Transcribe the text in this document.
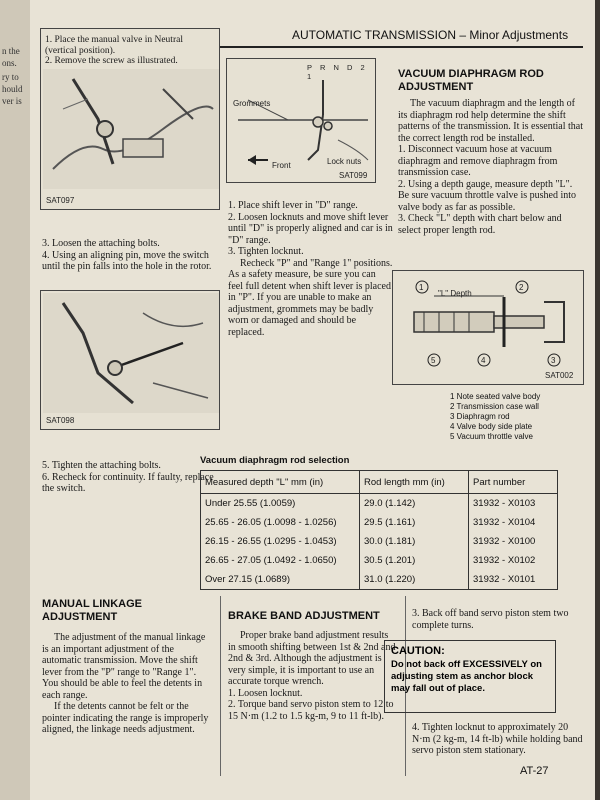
n the
ons.
ry to
hould
ver is
AUTOMATIC TRANSMISSION – Minor Adjustments

1. Place the manual valve in Neutral (vertical position).

2. Remove the screw as illustrated.

SAT097

3. Loosen the attaching bolts.

4. Using an aligning pin, move the switch until the pin falls into the hole in the rotor.

SAT098

5. Tighten the attaching bolts.

6. Recheck for continuity. If faulty, replace the switch.

MANUAL LINKAGE ADJUSTMENT

The adjustment of the manual linkage is an important adjustment of the automatic transmission. Move the shift lever from the "P" range to "Range 1". You should be able to feel the detents in each range.

If the detents cannot be felt or the pointer indicating the range is improperly aligned, the linkage needs adjustment.

P R N D 2 1
Grommets
Front	Lock nuts
SAT099

1. Place shift lever in "D" range.

2. Loosen locknuts and move shift lever until "D" is properly aligned and car is in "D" range.

3. Tighten locknut.

Recheck "P" and "Range 1" positions. As a safety measure, be sure you can feel full detent when shift lever is placed in "P". If you are unable to make an adjustment, grommets may be badly worn or damaged and should be replaced.

VACUUM DIAPHRAGM ROD ADJUSTMENT

The vacuum diaphragm and the length of its diaphragm rod help determine the shift patterns of the transmission. It is essential that the correct length rod be installed.

1. Disconnect vacuum hose at vacuum diaphragm and remove diaphragm from transmission case.

2. Using a depth gauge, measure depth "L". Be sure vacuum throttle valve is pushed into valve body as far as possible.

3. Check "L" depth with chart below and select proper length rod.

1	2
5	4	3
"L" Depth
SAT002
1 Note seated valve body
2 Transmission case wall
3 Diaphragm rod
4 Valve body side plate
5 Vacuum throttle valve
Vacuum diaphragm rod selection
Measured depth "L" mm (in)	Rod length mm (in)	Part number
Under 25.55 (1.0059)	29.0 (1.142)	31932 - X0103
25.65 - 26.05 (1.0098 - 1.0256)	29.5 (1.161)	31932 - X0104
26.15 - 26.55 (1.0295 - 1.0453)	30.0 (1.181)	31932 - X0100
26.65 - 27.05 (1.0492 - 1.0650)	30.5 (1.201)	31932 - X0102
Over 27.15 (1.0689)	31.0 (1.220)	31932 - X0101
BRAKE BAND ADJUSTMENT

Proper brake band adjustment results in smooth shifting between 1st & 2nd and 2nd & 3rd. Although the adjustment is very simple, it is important to use an accurate torque wrench.

1. Loosen locknut.

2. Torque band servo piston stem to 12 to 15 N·m (1.2 to 1.5 kg-m, 9 to 11 ft-lb).

3. Back off band servo piston stem two complete turns.
CAUTION:
Do not back off EXCESSIVELY on adjusting stem as anchor block may fall out of place.
4. Tighten locknut to approximately 20 N·m (2 kg-m, 14 ft-lb) while holding band servo piston stem stationary.
AT-27
